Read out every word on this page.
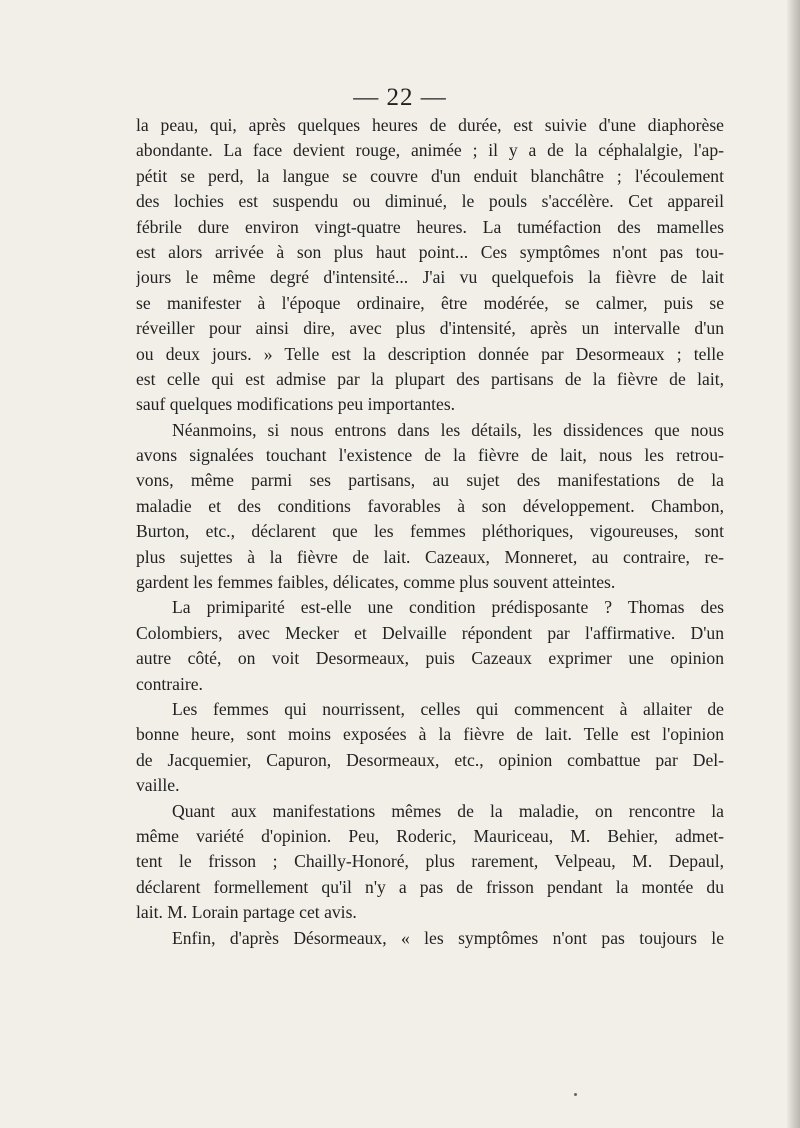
— 22 —
la peau, qui, après quelques heures de durée, est suivie d'une diaphorèse
abondante. La face devient rouge, animée ; il y a de la céphalalgie, l'ap-
pétit se perd, la langue se couvre d'un enduit blanchâtre ; l'écoulement
des lochies est suspendu ou diminué, le pouls s'accélère. Cet appareil
fébrile dure environ vingt-quatre heures. La tuméfaction des mamelles
est alors arrivée à son plus haut point... Ces symptômes n'ont pas tou-
jours le même degré d'intensité... J'ai vu quelquefois la fièvre de lait
se manifester à l'époque ordinaire, être modérée, se calmer, puis se
réveiller pour ainsi dire, avec plus d'intensité, après un intervalle d'un
ou deux jours. » Telle est la description donnée par Desormeaux ; telle
est celle qui est admise par la plupart des partisans de la fièvre de lait,
sauf quelques modifications peu importantes.
Néanmoins, si nous entrons dans les détails, les dissidences que nous
avons signalées touchant l'existence de la fièvre de lait, nous les retrou-
vons, même parmi ses partisans, au sujet des manifestations de la
maladie et des conditions favorables à son développement. Chambon,
Burton, etc., déclarent que les femmes pléthoriques, vigoureuses, sont
plus sujettes à la fièvre de lait. Cazeaux, Monneret, au contraire, re-
gardent les femmes faibles, délicates, comme plus souvent atteintes.
La primiparité est-elle une condition prédisposante ? Thomas des
Colombiers, avec Mecker et Delvaille répondent par l'affirmative. D'un
autre côté, on voit Desormeaux, puis Cazeaux exprimer une opinion
contraire.
Les femmes qui nourrissent, celles qui commencent à allaiter de
bonne heure, sont moins exposées à la fièvre de lait. Telle est l'opinion
de Jacquemier, Capuron, Desormeaux, etc., opinion combattue par Del-
vaille.
Quant aux manifestations mêmes de la maladie, on rencontre la
même variété d'opinion. Peu, Roderic, Mauriceau, M. Behier, admet-
tent le frisson ; Chailly-Honoré, plus rarement, Velpeau, M. Depaul,
déclarent formellement qu'il n'y a pas de frisson pendant la montée du
lait. M. Lorain partage cet avis.
Enfin, d'après Désormeaux, « les symptômes n'ont pas toujours le
